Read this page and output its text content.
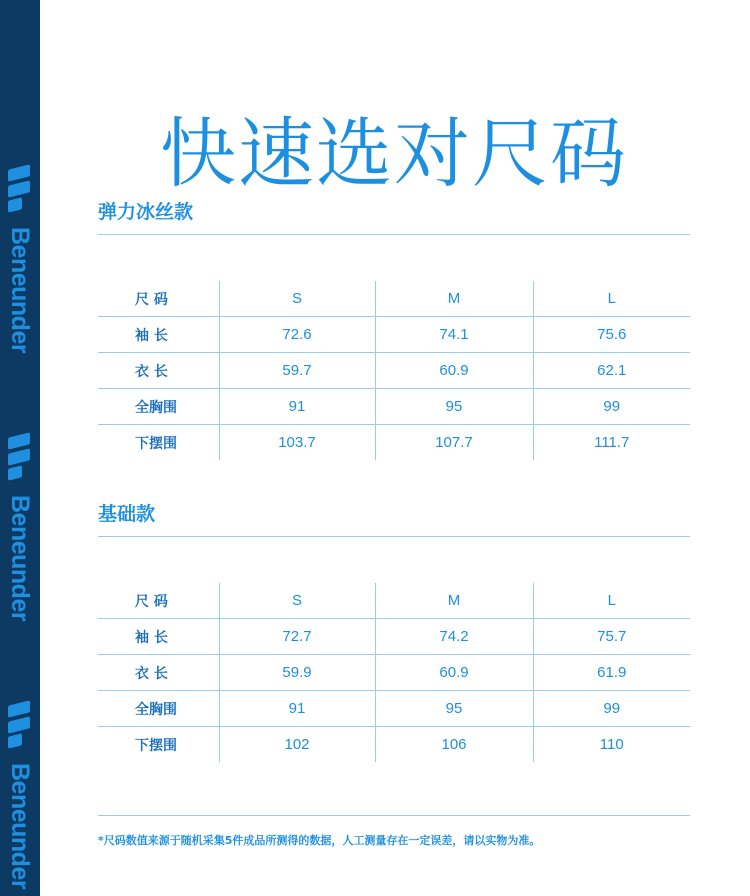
Beneunder
Beneunder
Beneunder
快速选对尺码
弹力冰丝款
尺 码	S	M	L
袖 长	72.6	74.1	75.6
衣 长	59.7	60.9	62.1
全胸围	91	95	99
下摆围	103.7	107.7	111.7
基础款
尺 码	S	M	L
袖 长	72.7	74.2	75.7
衣 长	59.9	60.9	61.9
全胸围	91	95	99
下摆围	102	106	110
*尺码数值来源于随机采集5件成品所测得的数据，人工测量存在一定误差，请以实物为准。
